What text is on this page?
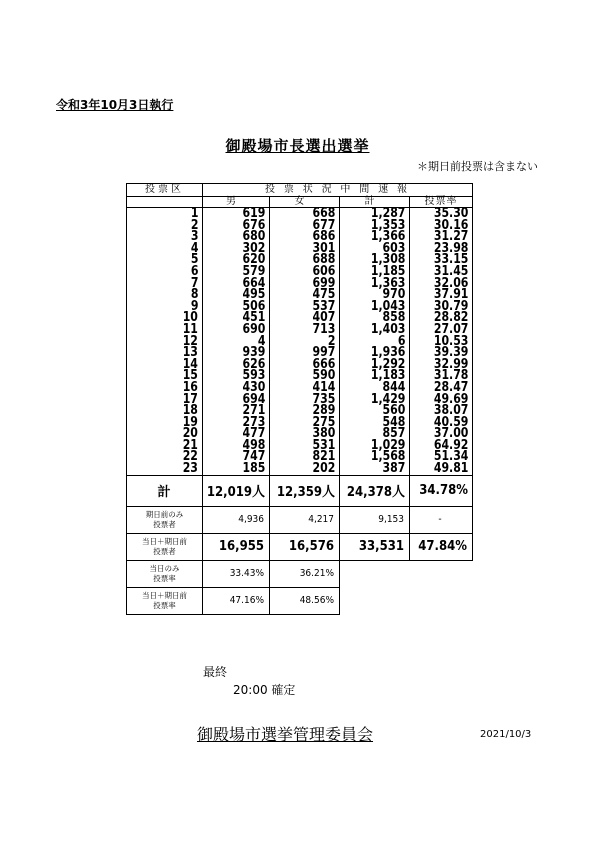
令和3年10月3日執行
御殿場市長選出選挙
＊期日前投票は含まない
投票区	投 票 状 況 中 間 速 報			
	男	女	計	投票率
1	619	668	1,287	35.30
2	676	677	1,353	30.16
3	680	686	1,366	31.27
4	302	301	603	23.98
5	620	688	1,308	33.15
6	579	606	1,185	31.45
7	664	699	1,363	32.06
8	495	475	970	37.91
9	506	537	1,043	30.79
10	451	407	858	28.82
11	690	713	1,403	27.07
12	4	2	6	10.53
13	939	997	1,936	39.39
14	626	666	1,292	32.99
15	593	590	1,183	31.78
16	430	414	844	28.47
17	694	735	1,429	49.69
18	271	289	560	38.07
19	273	275	548	40.59
20	477	380	857	37.00
21	498	531	1,029	64.92
22	747	821	1,568	51.34
23	185	202	387	49.81
計	12,019人	12,359人	24,378人	34.78%
期日前のみ
投票者	4,936	4,217	9,153	-
当日＋期日前
投票者	16,955	16,576	33,531	47.84%
当日のみ
投票率	33.43%	36.21%		
当日＋期日前
投票率	47.16%	48.56%		
最終
20:00 確定
御殿場市選挙管理委員会	2021/10/3
